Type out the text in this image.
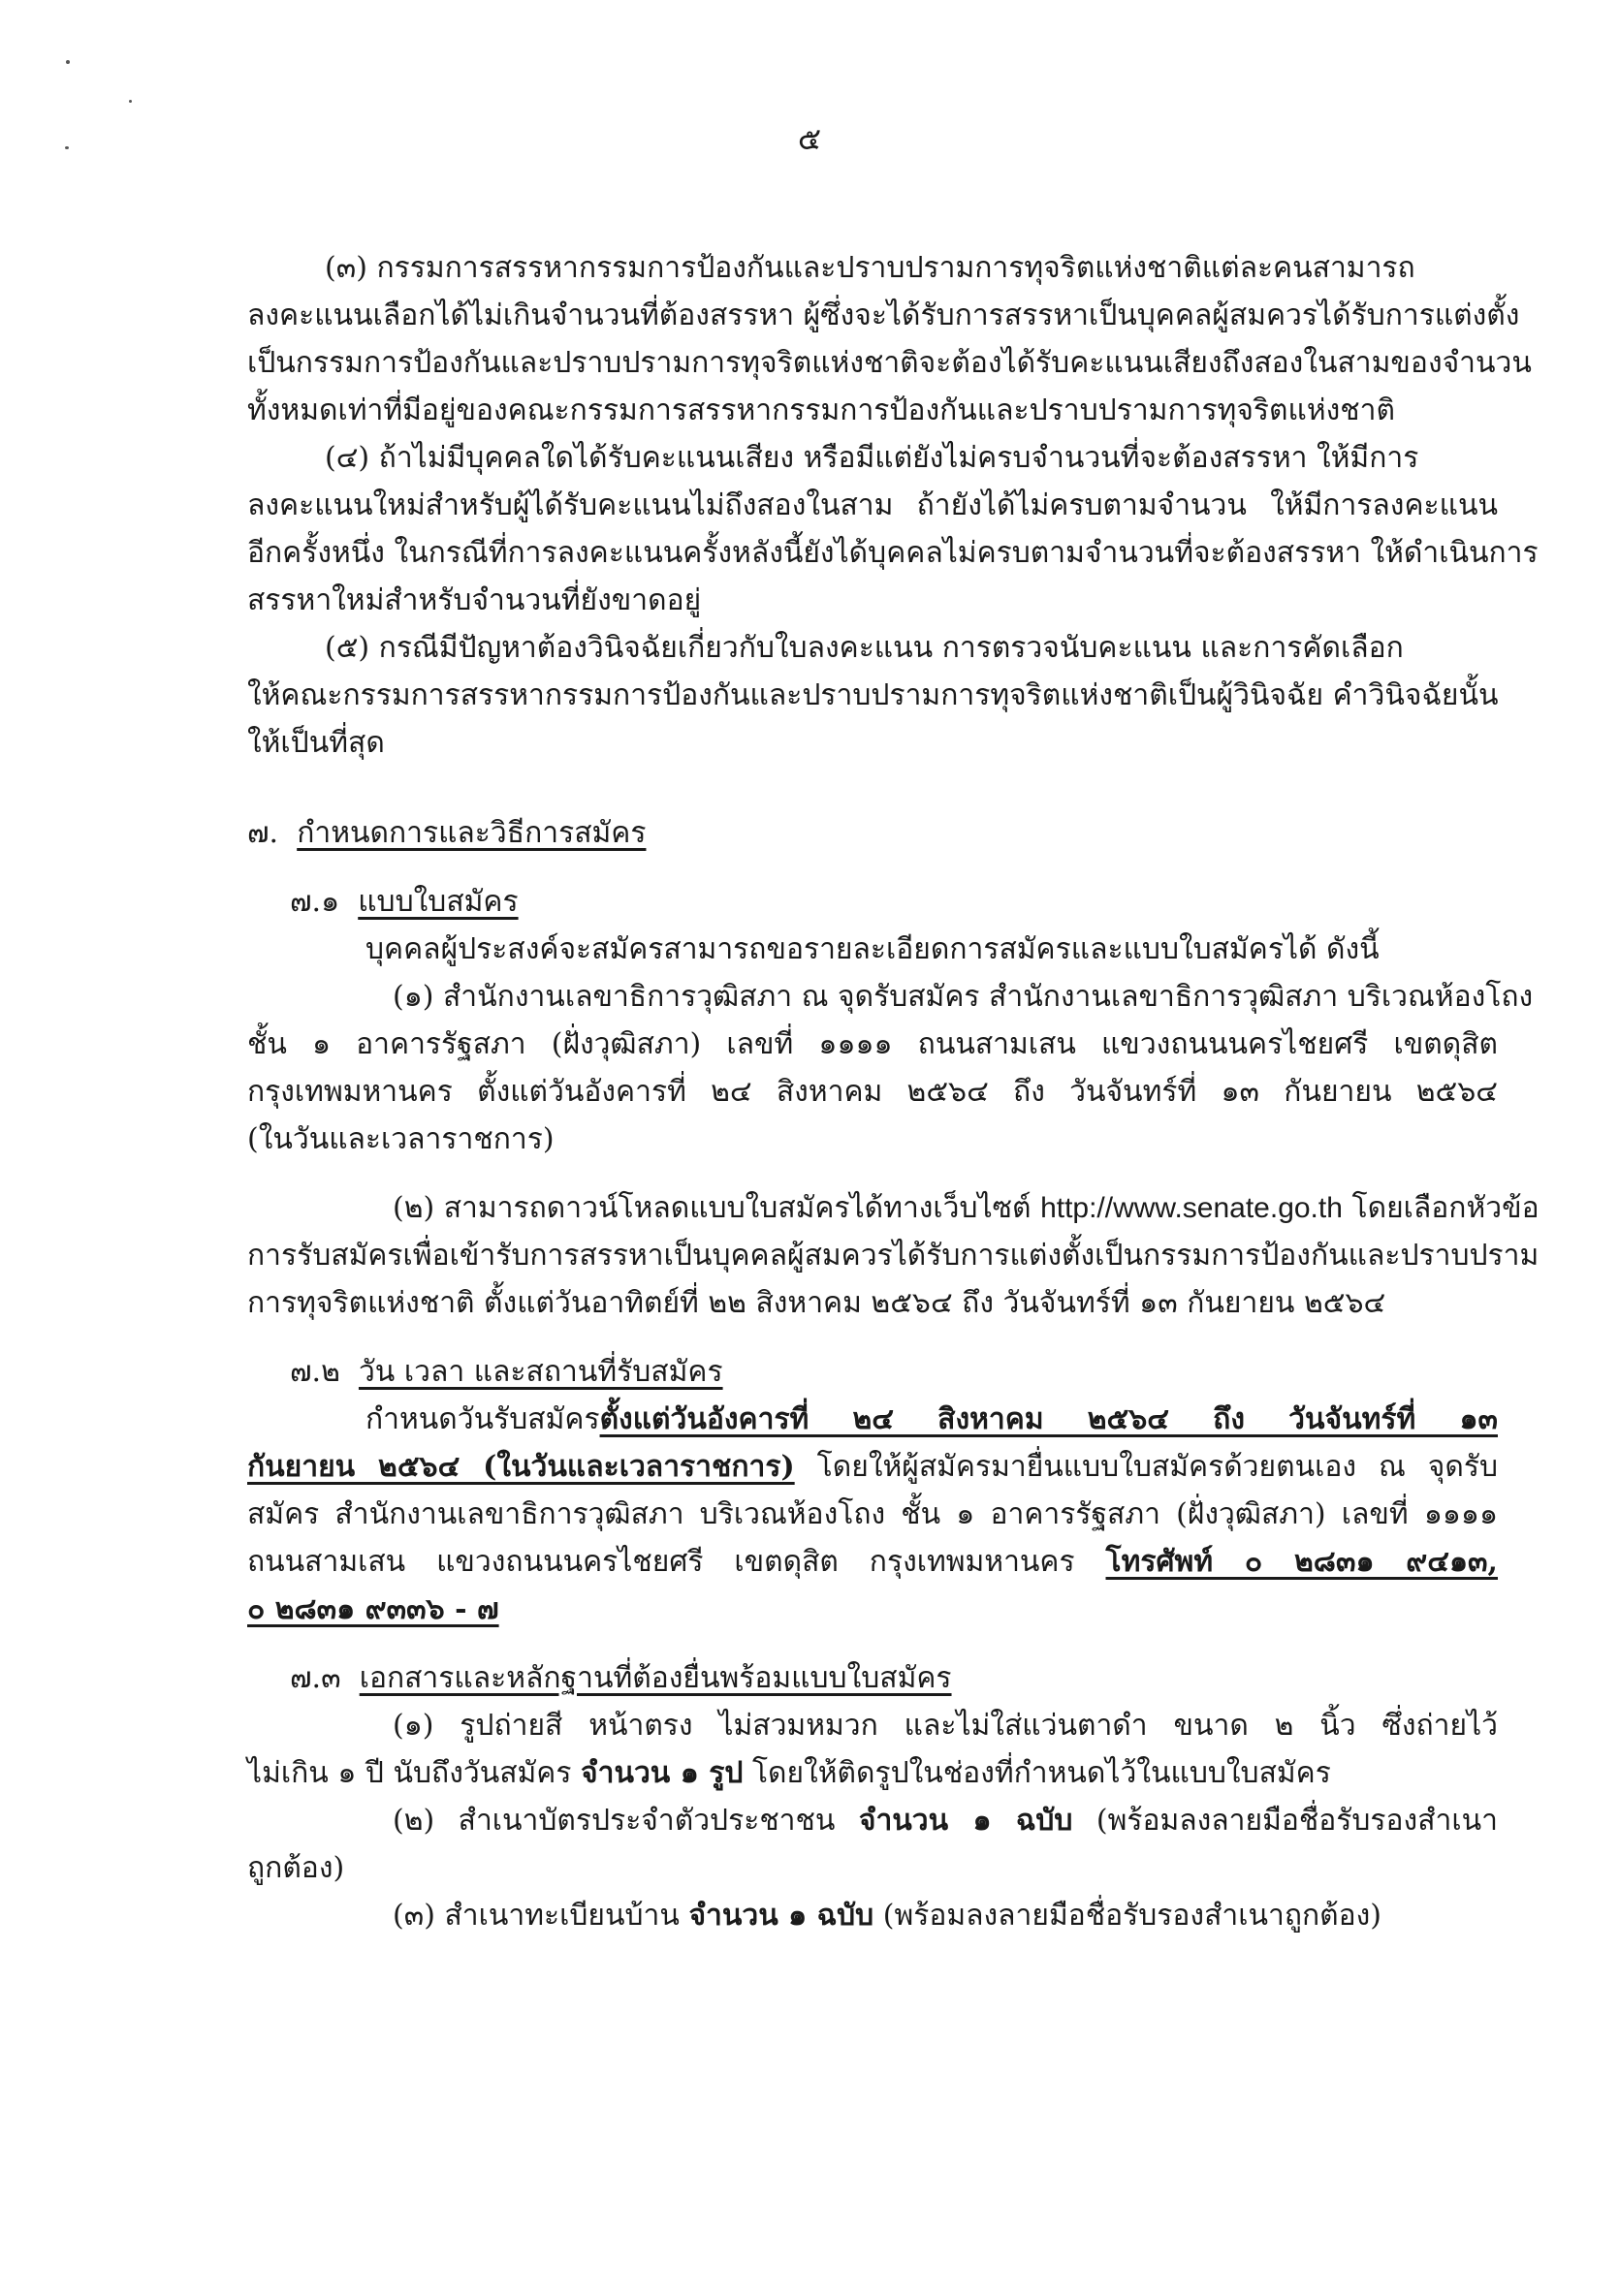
๕
(๓) กรรมการสรรหากรรมการป้องกันและปราบปรามการทุจริตแห่งชาติแต่ละคนสามารถ
ลงคะแนนเลือกได้ไม่เกินจำนวนที่ต้องสรรหา ผู้ซึ่งจะได้รับการสรรหาเป็นบุคคลผู้สมควรได้รับการแต่งตั้ง
เป็นกรรมการป้องกันและปราบปรามการทุจริตแห่งชาติจะต้องได้รับคะแนนเสียงถึงสองในสามของจำนวน
ทั้งหมดเท่าที่มีอยู่ของคณะกรรมการสรรหากรรมการป้องกันและปราบปรามการทุจริตแห่งชาติ
(๔) ถ้าไม่มีบุคคลใดได้รับคะแนนเสียง หรือมีแต่ยังไม่ครบจำนวนที่จะต้องสรรหา ให้มีการ
ลงคะแนนใหม่สำหรับผู้ได้รับคะแนนไม่ถึงสองในสาม ถ้ายังได้ไม่ครบตามจำนวน ให้มีการลงคะแนน
อีกครั้งหนึ่ง ในกรณีที่การลงคะแนนครั้งหลังนี้ยังได้บุคคลไม่ครบตามจำนวนที่จะต้องสรรหา ให้ดำเนินการ
สรรหาใหม่สำหรับจำนวนที่ยังขาดอยู่
(๕) กรณีมีปัญหาต้องวินิจฉัยเกี่ยวกับใบลงคะแนน การตรวจนับคะแนน และการคัดเลือก
ให้คณะกรรมการสรรหากรรมการป้องกันและปราบปรามการทุจริตแห่งชาติเป็นผู้วินิจฉัย คำวินิจฉัยนั้น
ให้เป็นที่สุด
๗. กำหนดการและวิธีการสมัคร
๗.๑ แบบใบสมัคร
บุคคลผู้ประสงค์จะสมัครสามารถขอรายละเอียดการสมัครและแบบใบสมัครได้ ดังนี้
(๑) สำนักงานเลขาธิการวุฒิสภา ณ จุดรับสมัคร สำนักงานเลขาธิการวุฒิสภา บริเวณห้องโถง
ชั้น ๑ อาคารรัฐสภา (ฝั่งวุฒิสภา) เลขที่ ๑๑๑๑ ถนนสามเสน แขวงถนนนครไชยศรี เขตดุสิต
กรุงเทพมหานคร ตั้งแต่วันอังคารที่ ๒๔ สิงหาคม ๒๕๖๔ ถึง วันจันทร์ที่ ๑๓ กันยายน ๒๕๖๔
(ในวันและเวลาราชการ)
(๒) สามารถดาวน์โหลดแบบใบสมัครได้ทางเว็บไซต์ http://www.senate.go.th โดยเลือกหัวข้อ
การรับสมัครเพื่อเข้ารับการสรรหาเป็นบุคคลผู้สมควรได้รับการแต่งตั้งเป็นกรรมการป้องกันและปราบปราม
การทุจริตแห่งชาติ ตั้งแต่วันอาทิตย์ที่ ๒๒ สิงหาคม ๒๕๖๔ ถึง วันจันทร์ที่ ๑๓ กันยายน ๒๕๖๔
๗.๒ วัน เวลา และสถานที่รับสมัคร
กำหนดวันรับสมัครตั้งแต่วันอังคารที่ ๒๔ สิงหาคม ๒๕๖๔ ถึง วันจันทร์ที่ ๑๓
กันยายน ๒๕๖๔ (ในวันและเวลาราชการ) โดยให้ผู้สมัครมายื่นแบบใบสมัครด้วยตนเอง ณ จุดรับ
สมัคร สำนักงานเลขาธิการวุฒิสภา บริเวณห้องโถง ชั้น ๑ อาคารรัฐสภา (ฝั่งวุฒิสภา) เลขที่ ๑๑๑๑
ถนนสามเสน แขวงถนนนครไชยศรี เขตดุสิต กรุงเทพมหานคร โทรศัพท์ ๐ ๒๘๓๑ ๙๔๑๓,
๐ ๒๘๓๑ ๙๓๓๖ - ๗
๗.๓ เอกสารและหลักฐานที่ต้องยื่นพร้อมแบบใบสมัคร
(๑) รูปถ่ายสี หน้าตรง ไม่สวมหมวก และไม่ใส่แว่นตาดำ ขนาด ๒ นิ้ว ซึ่งถ่ายไว้
ไม่เกิน ๑ ปี นับถึงวันสมัคร จำนวน ๑ รูป โดยให้ติดรูปในช่องที่กำหนดไว้ในแบบใบสมัคร
(๒) สำเนาบัตรประจำตัวประชาชน จำนวน ๑ ฉบับ (พร้อมลงลายมือชื่อรับรองสำเนา
ถูกต้อง)
(๓) สำเนาทะเบียนบ้าน จำนวน ๑ ฉบับ (พร้อมลงลายมือชื่อรับรองสำเนาถูกต้อง)
